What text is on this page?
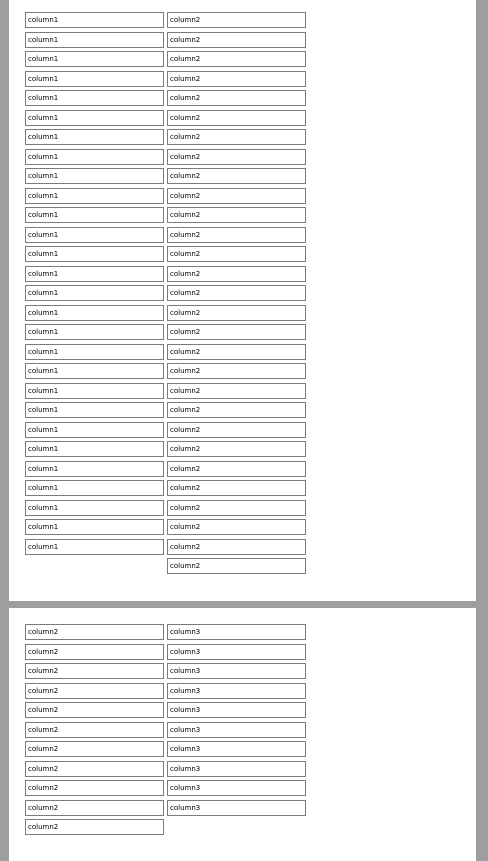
column1
column1
column1
column1
column1
column1
column1
column1
column1
column1
column1
column1
column1
column1
column1
column1
column1
column1
column1
column1
column1
column1
column1
column1
column1
column1
column1
column1
column2
column2
column2
column2
column2
column2
column2
column2
column2
column2
column2
column2
column2
column2
column2
column2
column2
column2
column2
column2
column2
column2
column2
column2
column2
column2
column2
column2
column2
column2
column2
column2
column2
column2
column2
column2
column2
column2
column2
column2
column3
column3
column3
column3
column3
column3
column3
column3
column3
column3
